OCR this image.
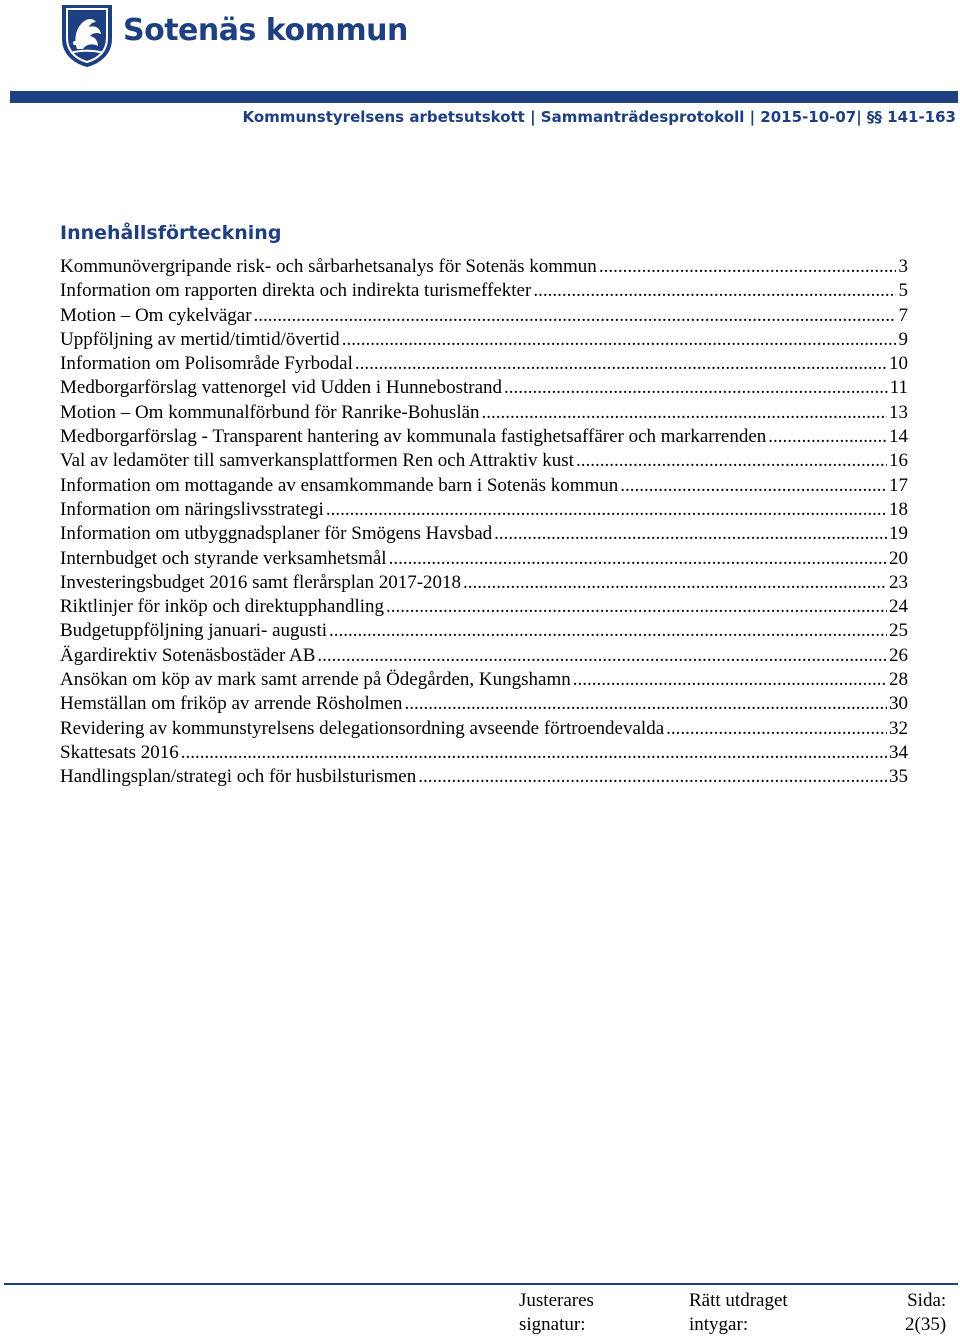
Sotenäs kommun
Kommunstyrelsens arbetsutskott | Sammanträdesprotokoll | 2015-10-07| §§ 141-163
Innehållsförteckning
Kommunövergripande risk- och sårbarhetsanalys för Sotenäs kommun .....	3
Information om rapporten direkta och indirekta turismeffekter .....	5
Motion – Om cykelvägar .....	7
Uppföljning av mertid/timtid/övertid .....	9
Information om Polisområde Fyrbodal .....	10
Medborgarförslag vattenorgel vid Udden i Hunnebostrand .....	11
Motion – Om kommunalförbund för Ranrike-Bohuslän .....	13
Medborgarförslag - Transparent hantering av kommunala fastighetsaffärer och markarrenden .....	14
Val av ledamöter till samverkansplattformen Ren och Attraktiv kust .....	16
Information om mottagande av ensamkommande barn i Sotenäs kommun .....	17
Information om näringslivsstrategi .....	18
Information om utbyggnadsplaner för Smögens Havsbad .....	19
Internbudget och styrande verksamhetsmål .....	20
Investeringsbudget 2016 samt flerårsplan 2017-2018 .....	23
Riktlinjer för inköp och direktupphandling .....	24
Budgetuppföljning januari- augusti .....	25
Ägardirektiv Sotenäsbostäder AB .....	26
Ansökan om köp av mark samt arrende på Ödegården, Kungshamn .....	28
Hemställan om friköp av arrende Rösholmen .....	30
Revidering av kommunstyrelsens delegationsordning avseende förtroendevalda .....	32
Skattesats 2016 .....	34
Handlingsplan/strategi och för husbilsturismen .....	35
Justerares
signatur:
Rätt utdraget
intygar:
Sida:
2(35)
